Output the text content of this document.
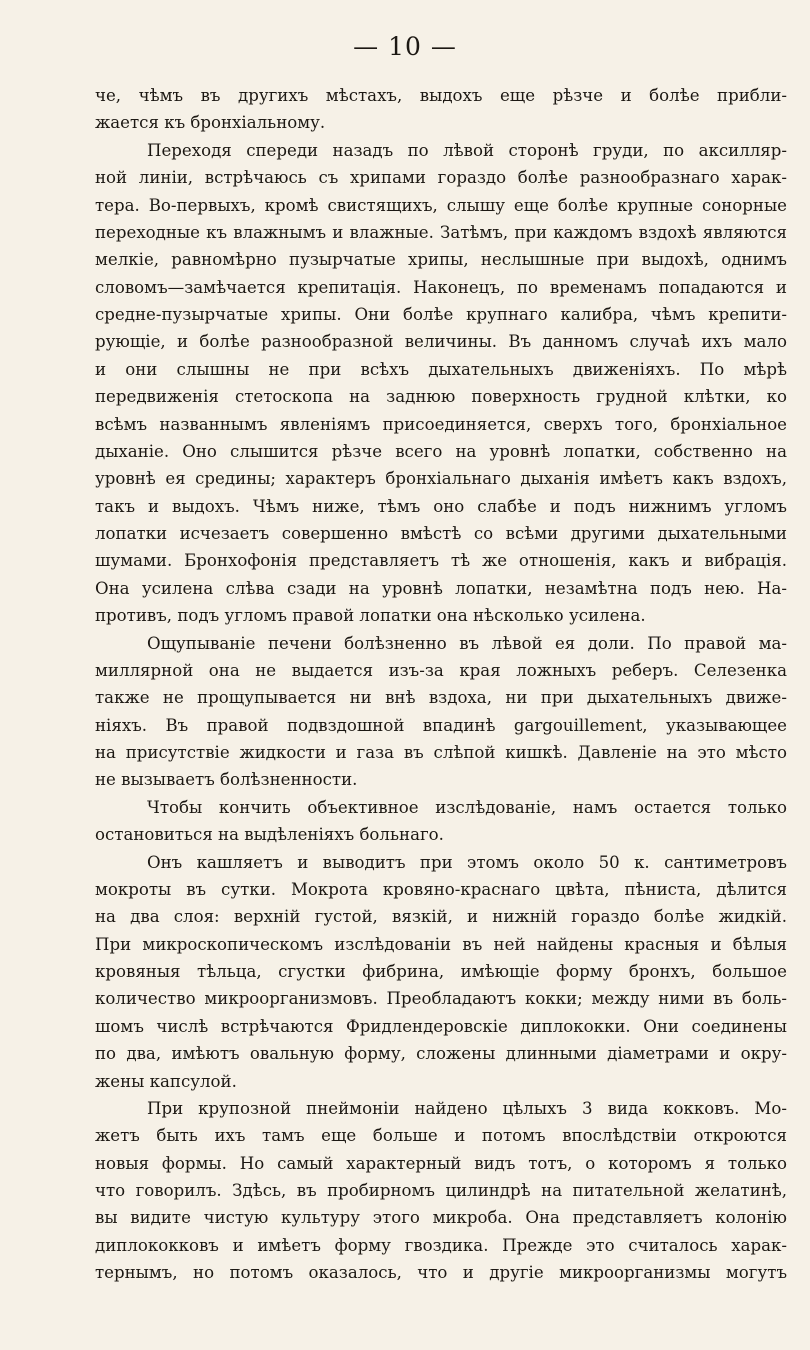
— 10 —
че, чѣмъ въ другихъ мѣстахъ, выдохъ еще рѣзче и болѣе прибли-
жается къ бронхіальному.
Переходя спереди назадъ по лѣвой сторонѣ груди, по аксилляр-
ной линіи, встрѣчаюсь съ хрипами гораздо болѣе разнообразнаго харак-
тера. Во-первыхъ, кромѣ свистящихъ, слышу еще болѣе крупные сонорные
переходные къ влажнымъ и влажные. Затѣмъ, при каждомъ вздохѣ являются
мелкіе, равномѣрно пузырчатые хрипы, неслышные при выдохѣ, однимъ
словомъ—замѣчается крепитація. Наконецъ, по временамъ попадаются и
средне-пузырчатые хрипы. Они болѣе крупнаго калибра, чѣмъ крепити-
рующіе, и болѣе разнообразной величины. Въ данномъ случаѣ ихъ мало
и они слышны не при всѣхъ дыхательныхъ движеніяхъ. По мѣрѣ
передвиженія стетоскопа на заднюю поверхность грудной клѣтки, ко
всѣмъ названнымъ явленіямъ присоединяется, сверхъ того, бронхіальное
дыханіе. Оно слышится рѣзче всего на уровнѣ лопатки, собственно на
уровнѣ ея средины; характеръ бронхіальнаго дыханія имѣетъ какъ вздохъ,
такъ и выдохъ. Чѣмъ ниже, тѣмъ оно слабѣе и подъ нижнимъ угломъ
лопатки исчезаетъ совершенно вмѣстѣ со всѣми другими дыхательными
шумами. Бронхофонія представляетъ тѣ же отношенія, какъ и вибрація.
Она усилена слѣва сзади на уровнѣ лопатки, незамѣтна подъ нею. На-
противъ, подъ угломъ правой лопатки она нѣсколько усилена.
Ощупываніе печени болѣзненно въ лѣвой ея доли. По правой ма-
миллярной она не выдается изъ-за края ложныхъ реберъ. Селезенка
также не прощупывается ни внѣ вздоха, ни при дыхательныхъ движе-
ніяхъ. Въ правой подвздошной впадинѣ gargouillement, указывающее
на присутствіе жидкости и газа въ слѣпой кишкѣ. Давленіе на это мѣсто
не вызываетъ болѣзненности.
Чтобы кончить объективное изслѣдованіе, намъ остается только
остановиться на выдѣленіяхъ больнаго.
Онъ кашляетъ и выводитъ при этомъ около 50 к. сантиметровъ
мокроты въ сутки. Мокрота кровяно-краснаго цвѣта, пѣниста, дѣлится
на два слоя: верхній густой, вязкій, и нижній гораздо болѣе жидкій.
При микроскопическомъ изслѣдованіи въ ней найдены красныя и бѣлыя
кровяныя тѣльца, сгустки фибрина, имѣющіе форму бронхъ, большое
количество микроорганизмовъ. Преобладаютъ кокки; между ними въ боль-
шомъ числѣ встрѣчаются Фридлендеровскіе диплококки. Они соединены
по два, имѣютъ овальную форму, сложены длинными діаметрами и окру-
жены капсулой.
При крупозной пнеймоніи найдено цѣлыхъ 3 вида кокковъ. Мо-
жетъ быть ихъ тамъ еще больше и потомъ впослѣдствіи откроются
новыя формы. Но самый характерный видъ тотъ, о которомъ я только
что говорилъ. Здѣсь, въ пробирномъ цилиндрѣ на питательной желатинѣ,
вы видите чистую культуру этого микроба. Она представляетъ колонію
диплококковъ и имѣетъ форму гвоздика. Прежде это считалось харак-
тернымъ, но потомъ оказалось, что и другіе микроорганизмы могутъ
